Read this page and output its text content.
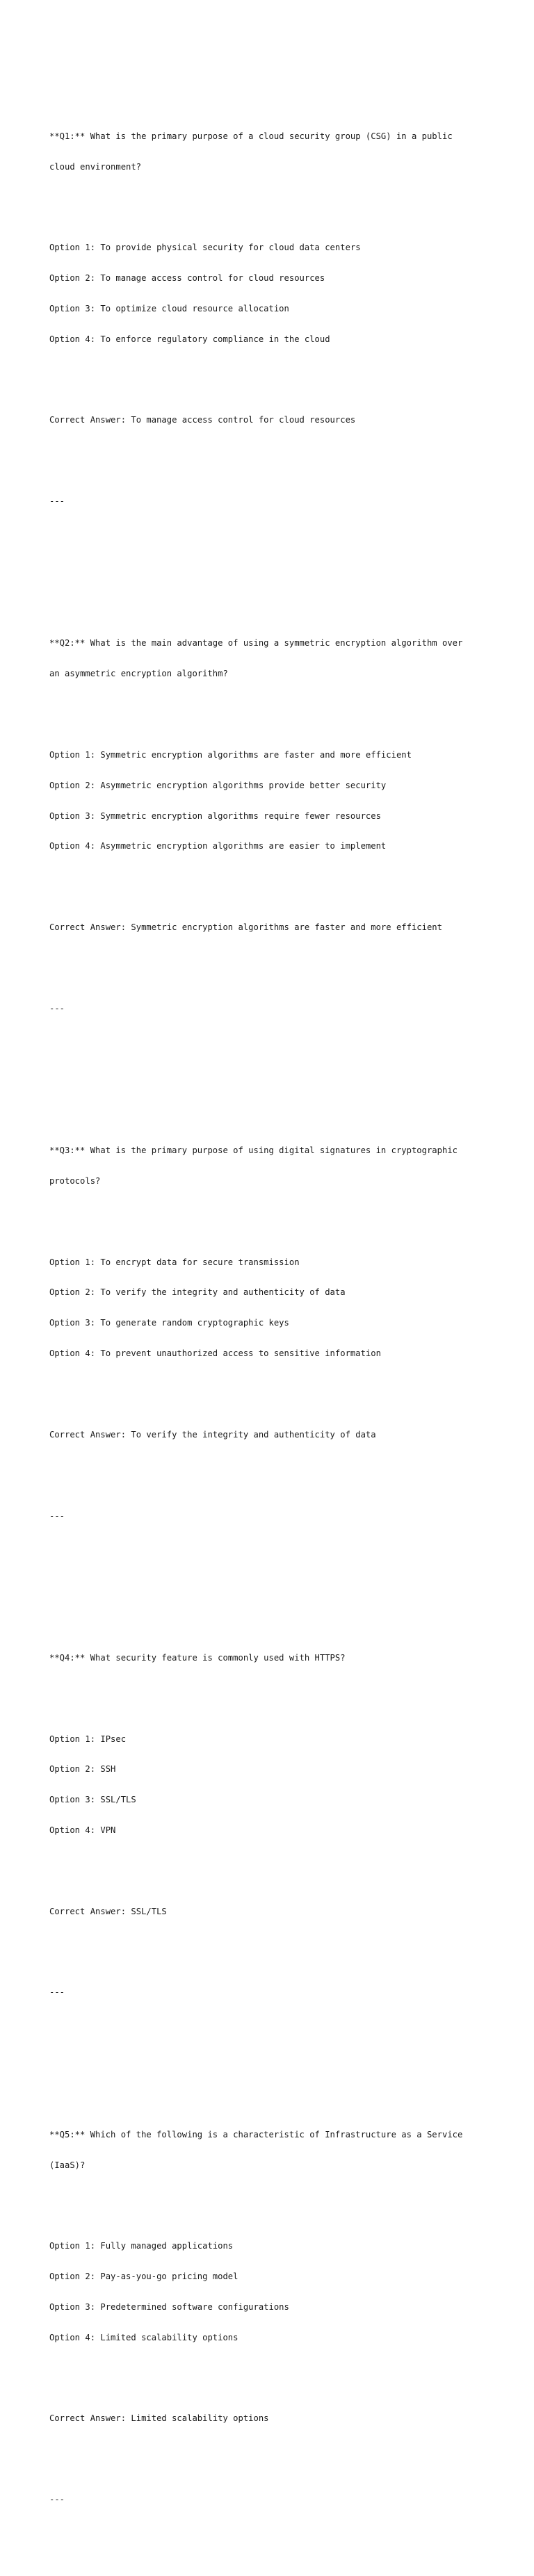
**Q1:** What is the primary purpose of a cloud security group (CSG) in a public

cloud environment?

Option 1: To provide physical security for cloud data centers

Option 2: To manage access control for cloud resources

Option 3: To optimize cloud resource allocation

Option 4: To enforce regulatory compliance in the cloud

Correct Answer: To manage access control for cloud resources

---

**Q2:** What is the main advantage of using a symmetric encryption algorithm over

an asymmetric encryption algorithm?

Option 1: Symmetric encryption algorithms are faster and more efficient

Option 2: Asymmetric encryption algorithms provide better security

Option 3: Symmetric encryption algorithms require fewer resources

Option 4: Asymmetric encryption algorithms are easier to implement

Correct Answer: Symmetric encryption algorithms are faster and more efficient

---

**Q3:** What is the primary purpose of using digital signatures in cryptographic

protocols?

Option 1: To encrypt data for secure transmission

Option 2: To verify the integrity and authenticity of data

Option 3: To generate random cryptographic keys

Option 4: To prevent unauthorized access to sensitive information

Correct Answer: To verify the integrity and authenticity of data

---

**Q4:** What security feature is commonly used with HTTPS?

Option 1: IPsec

Option 2: SSH

Option 3: SSL/TLS

Option 4: VPN

Correct Answer: SSL/TLS

---

**Q5:** Which of the following is a characteristic of Infrastructure as a Service

(IaaS)?

Option 1: Fully managed applications

Option 2: Pay-as-you-go pricing model

Option 3: Predetermined software configurations

Option 4: Limited scalability options

Correct Answer: Limited scalability options

---
